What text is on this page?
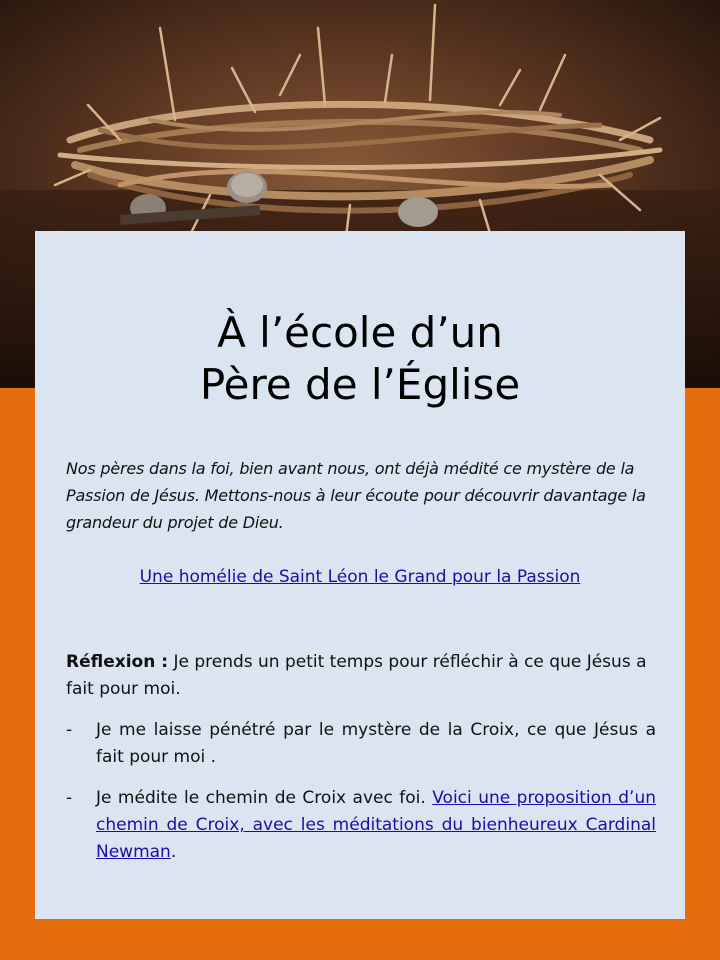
À l’école d’un
Père de l’Église

Nos pères dans la foi, bien avant nous, ont déjà médité ce mystère de la Passion de Jésus. Mettons-nous à leur écoute pour découvrir davantage la grandeur du projet de Dieu.

Une homélie de Saint Léon le Grand pour la Passion

Réflexion : Je prends un petit temps pour réfléchir à ce que Jésus a fait pour moi.

- Je me laisse pénétré par le mystère de la Croix, ce que Jésus a fait pour moi .
- Je médite le chemin de Croix avec foi. Voici une proposition d’un chemin de Croix, avec les méditations du bienheureux Cardinal Newman.
